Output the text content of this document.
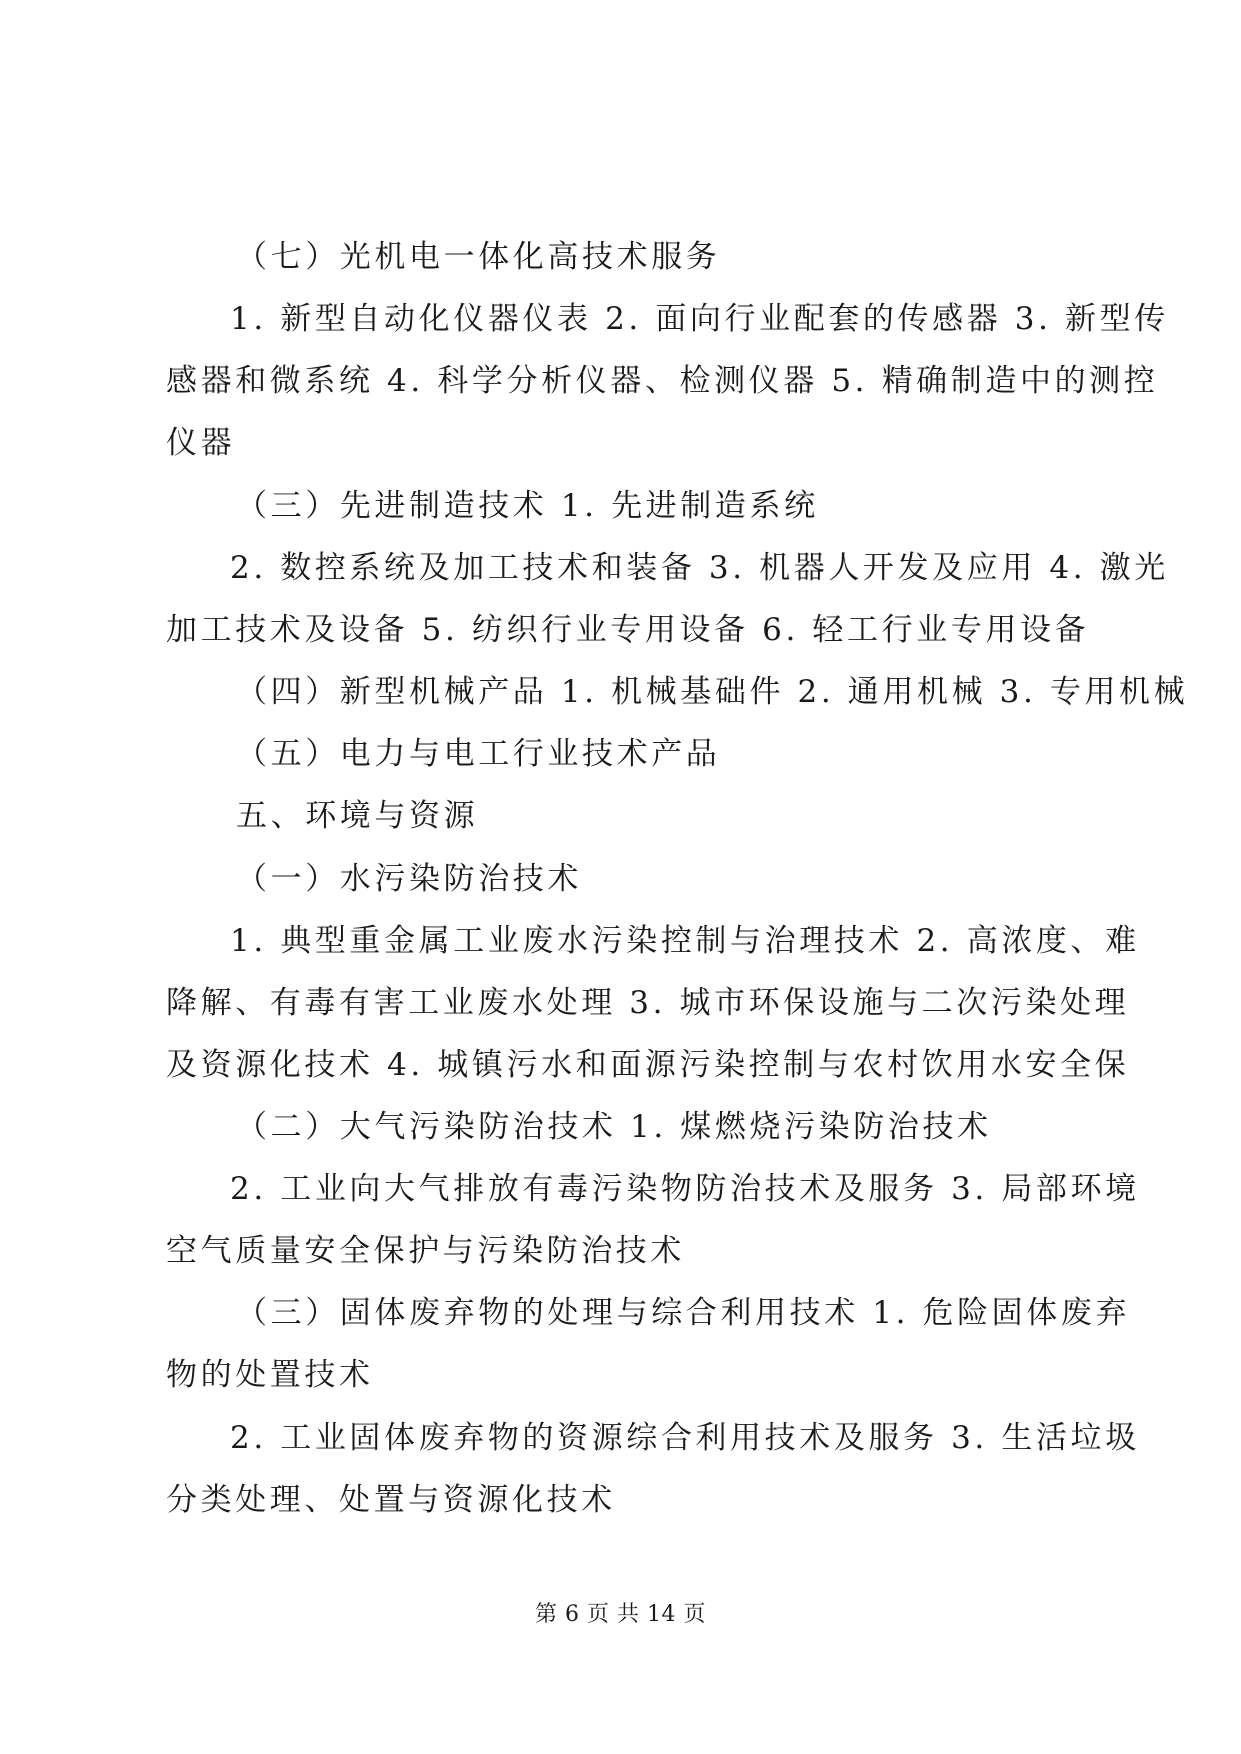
（七）光机电一体化高技术服务
1. 新型自动化仪器仪表 2. 面向行业配套的传感器 3. 新型传
感器和微系统 4. 科学分析仪器、检测仪器 5. 精确制造中的测控
仪器
（三）先进制造技术 1. 先进制造系统
2. 数控系统及加工技术和装备 3. 机器人开发及应用 4. 激光
加工技术及设备 5. 纺织行业专用设备 6. 轻工行业专用设备
（四）新型机械产品 1. 机械基础件 2. 通用机械 3. 专用机械
（五）电力与电工行业技术产品
五、环境与资源
（一）水污染防治技术
1. 典型重金属工业废水污染控制与治理技术 2. 高浓度、难
降解、有毒有害工业废水处理 3. 城市环保设施与二次污染处理
及资源化技术 4. 城镇污水和面源污染控制与农村饮用水安全保
（二）大气污染防治技术 1. 煤燃烧污染防治技术
2. 工业向大气排放有毒污染物防治技术及服务 3. 局部环境
空气质量安全保护与污染防治技术
（三）固体废弃物的处理与综合利用技术 1. 危险固体废弃
物的处置技术
2. 工业固体废弃物的资源综合利用技术及服务 3. 生活垃圾
分类处理、处置与资源化技术
第 6 页 共 14 页
